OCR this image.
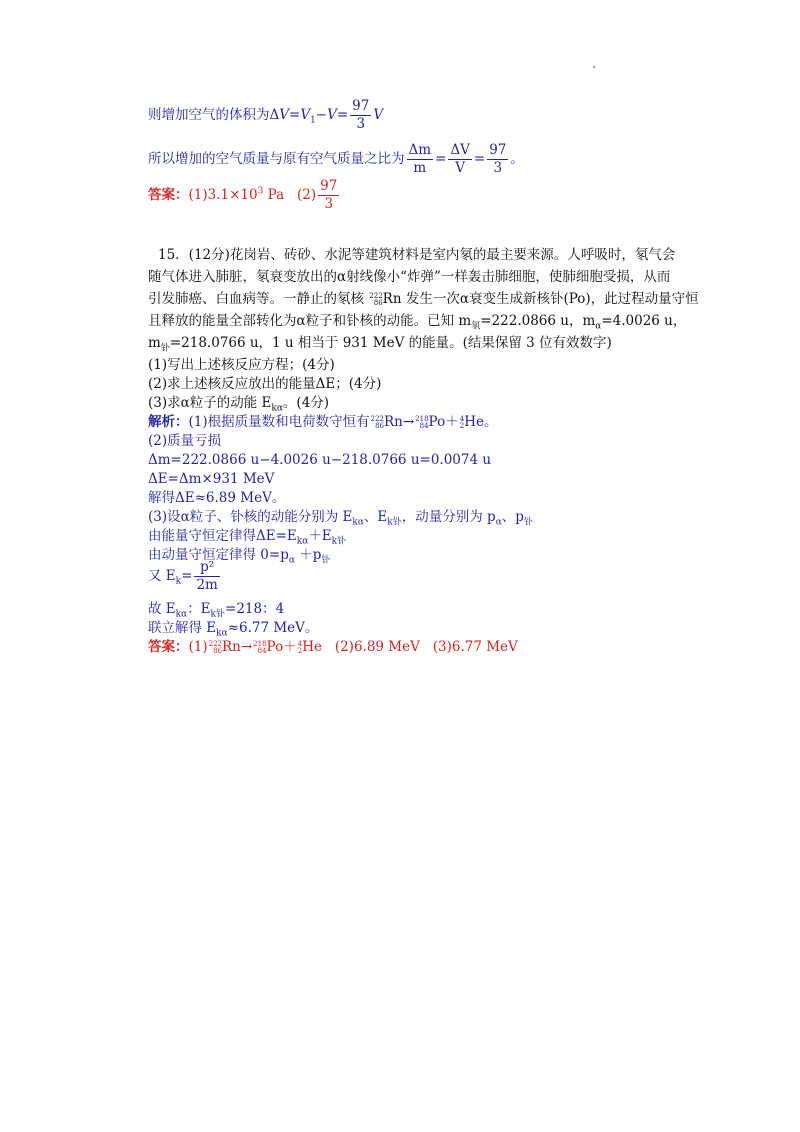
则增加空气的体积为$\Delta V=V_1-V= \frac{97}{3}$ V
所以增加的空气质量与原有空气质量之比为 $\frac{\Delta m}{m} = \frac{\Delta V}{V} = \frac{97}{3}$ 。
答案：$(1)3.1\times 10^3$ Pa $(2) \frac{97}{3}$
15．(12分)花岗岩、砖砂、水泥等建筑材料是室内氡的最主要来源。人呼吸时，氡气会
随气体进入肺脏，氡衰变放出的α射线像小“炸弹”一样轰击肺细胞，使肺细胞受损，从而
引发肺癌、白血病等。一静止的氡核 222
86 Rn 发生一次α衰变生成新核钋(Po)，此过程动量守恒
且释放的能量全部转化为α粒子和钋核的动能。已知 $m_氡=222.0866$ u，$m_\alpha=4.0026$ u，
$m_钋=218.0766$ u，1 u 相当于 931 MeV 的能量。(结果保留 3 位有效数字)
(1)写出上述核反应方程；(4分)
(2)求上述核反应放出的能量ΔE；(4分)
(3)求α粒子的动能 $E_{k\alpha}$。(4分)
解析：(1)根据质量数和电荷数守恒有 222
86 Rn→ 218
84 Po＋ 4
2 He。
(2)质量亏损
Δm=222.0866 u−4.0026 u−218.0766 u=0.0074 u
ΔE=Δm×931 MeV
解得ΔE≈6.89 MeV。
(3)设α粒子、钋核的动能分别为 $E_{k\alpha}$、$E_{k钋}$，动量分别为 $p_\alpha$、$p_钋$
由能量守恒定律得$\Delta E=E_{k\alpha}+E_{k钋}$
由动量守恒定律得 $0=p_\alpha +p_钋$
又 $E_k= \frac{\text{p²}}{2m}$
故 $E_{k\alpha}$：$E_{k钋}=218$：4
联立解得 $E_{k\alpha}\approx 6.77$ MeV。
答案：(1) 222
86 Rn→ 218
84 Po＋ 4
2 He (2)6.89 MeV (3)6.77 MeV
